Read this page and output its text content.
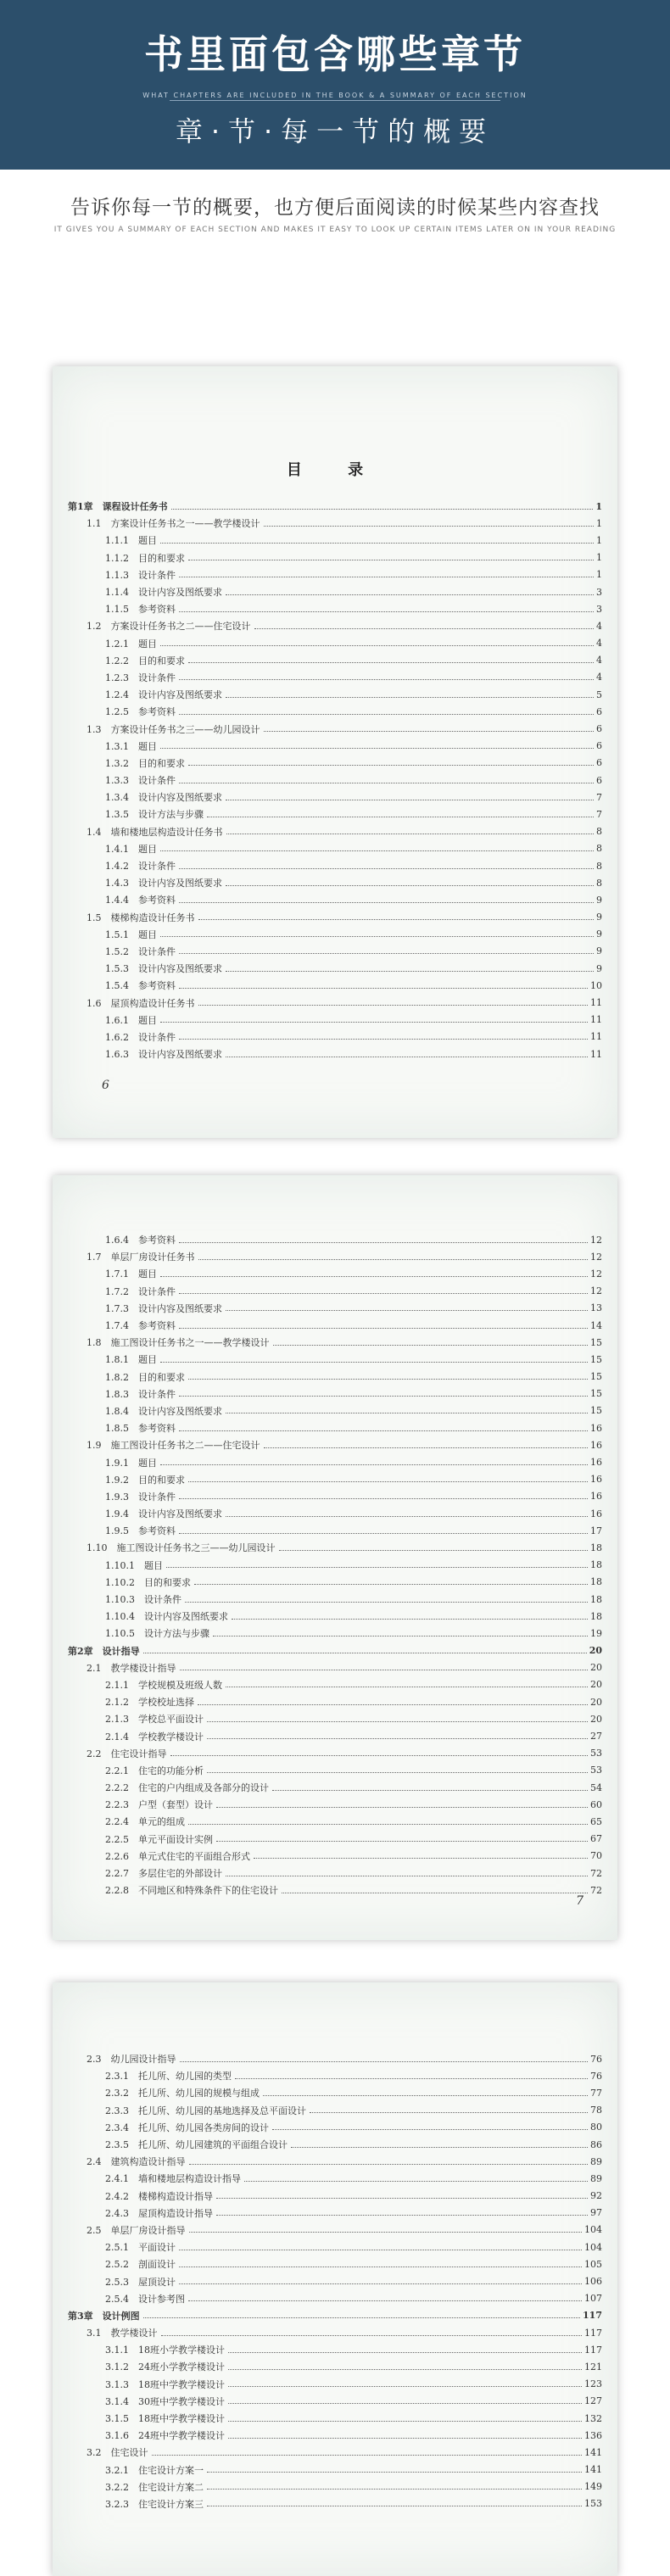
书里面包含哪些章节
WHAT CHAPTERS ARE INCLUDED IN THE BOOK & A SUMMARY OF EACH SECTION
章·节·每一节的概要
告诉你每一节的概要，也方便后面阅读的时候某些内容查找
IT GIVES YOU A SUMMARY OF EACH SECTION AND MAKES IT EASY TO LOOK UP CERTAIN ITEMS LATER ON IN YOUR READING
目 录
第1章　课程设计任务书	1
1.1　方案设计任务书之一——教学楼设计	1
1.1.1　题目	1
1.1.2　目的和要求	1
1.1.3　设计条件	1
1.1.4　设计内容及图纸要求	3
1.1.5　参考资料	3
1.2　方案设计任务书之二——住宅设计	4
1.2.1　题目	4
1.2.2　目的和要求	4
1.2.3　设计条件	4
1.2.4　设计内容及图纸要求	5
1.2.5　参考资料	6
1.3　方案设计任务书之三——幼儿园设计	6
1.3.1　题目	6
1.3.2　目的和要求	6
1.3.3　设计条件	6
1.3.4　设计内容及图纸要求	7
1.3.5　设计方法与步骤	7
1.4　墙和楼地层构造设计任务书	8
1.4.1　题目	8
1.4.2　设计条件	8
1.4.3　设计内容及图纸要求	8
1.4.4　参考资料	9
1.5　楼梯构造设计任务书	9
1.5.1　题目	9
1.5.2　设计条件	9
1.5.3　设计内容及图纸要求	9
1.5.4　参考资料	10
1.6　屋顶构造设计任务书	11
1.6.1　题目	11
1.6.2　设计条件	11
1.6.3　设计内容及图纸要求	11
6
1.6.4　参考资料	12
1.7　单层厂房设计任务书	12
1.7.1　题目	12
1.7.2　设计条件	12
1.7.3　设计内容及图纸要求	13
1.7.4　参考资料	14
1.8　施工图设计任务书之一——教学楼设计	15
1.8.1　题目	15
1.8.2　目的和要求	15
1.8.3　设计条件	15
1.8.4　设计内容及图纸要求	15
1.8.5　参考资料	16
1.9　施工图设计任务书之二——住宅设计	16
1.9.1　题目	16
1.9.2　目的和要求	16
1.9.3　设计条件	16
1.9.4　设计内容及图纸要求	16
1.9.5　参考资料	17
1.10　施工图设计任务书之三——幼儿园设计	18
1.10.1　题目	18
1.10.2　目的和要求	18
1.10.3　设计条件	18
1.10.4　设计内容及图纸要求	18
1.10.5　设计方法与步骤	19
第2章　设计指导	20
2.1　教学楼设计指导	20
2.1.1　学校规模及班级人数	20
2.1.2　学校校址选择	20
2.1.3　学校总平面设计	20
2.1.4　学校教学楼设计	27
2.2　住宅设计指导	53
2.2.1　住宅的功能分析	53
2.2.2　住宅的户内组成及各部分的设计	54
2.2.3　户型（套型）设计	60
2.2.4　单元的组成	65
2.2.5　单元平面设计实例	67
2.2.6　单元式住宅的平面组合形式	70
2.2.7　多层住宅的外部设计	72
2.2.8　不同地区和特殊条件下的住宅设计	72
7
2.3　幼儿园设计指导	76
2.3.1　托儿所、幼儿园的类型	76
2.3.2　托儿所、幼儿园的规模与组成	77
2.3.3　托儿所、幼儿园的基地选择及总平面设计	78
2.3.4　托儿所、幼儿园各类房间的设计	80
2.3.5　托儿所、幼儿园建筑的平面组合设计	86
2.4　建筑构造设计指导	89
2.4.1　墙和楼地层构造设计指导	89
2.4.2　楼梯构造设计指导	92
2.4.3　屋顶构造设计指导	97
2.5　单层厂房设计指导	104
2.5.1　平面设计	104
2.5.2　剖面设计	105
2.5.3　屋顶设计	106
2.5.4　设计参考图	107
第3章　设计例图	117
3.1　教学楼设计	117
3.1.1　18班小学教学楼设计	117
3.1.2　24班小学教学楼设计	121
3.1.3　18班中学教学楼设计	123
3.1.4　30班中学教学楼设计	127
3.1.5　18班中学教学楼设计	132
3.1.6　24班中学教学楼设计	136
3.2　住宅设计	141
3.2.1　住宅设计方案一	141
3.2.2　住宅设计方案二	149
3.2.3　住宅设计方案三	153
